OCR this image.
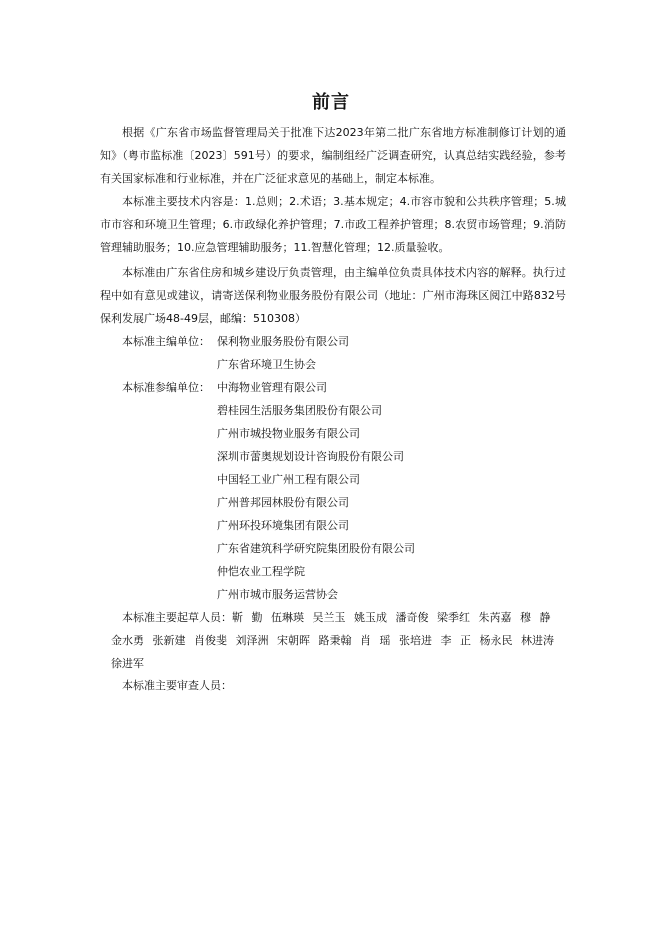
前言
根据《广东省市场监督管理局关于批准下达2023年第二批广东省地方标准制修订计划的通知》（粤市监标准〔2023〕591号）的要求，编制组经广泛调查研究，认真总结实践经验，参考有关国家标准和行业标准，并在广泛征求意见的基础上，制定本标准。
本标准主要技术内容是：1.总则；2.术语；3.基本规定；4.市容市貌和公共秩序管理；5.城市市容和环境卫生管理；6.市政绿化养护管理；7.市政工程养护管理；8.农贸市场管理；9.消防管理辅助服务；10.应急管理辅助服务；11.智慧化管理；12.质量验收。
本标准由广东省住房和城乡建设厅负责管理，由主编单位负责具体技术内容的解释。执行过程中如有意见或建议，请寄送保利物业服务股份有限公司（地址：广州市海珠区阅江中路832号保利发展广场48-49层，邮编：510308）
本标准主编单位： 保利物业服务股份有限公司
广东省环境卫生协会
本标准参编单位： 中海物业管理有限公司
碧桂园生活服务集团股份有限公司
广州市城投物业服务有限公司
深圳市蕾奥规划设计咨询股份有限公司
中国轻工业广州工程有限公司
广州普邦园林股份有限公司
广州环投环境集团有限公司
广东省建筑科学研究院集团股份有限公司
仲恺农业工程学院
广州市城市服务运营协会
本标准主要起草人员：靳 勤 伍琳瑛 吴兰玉 姚玉成 潘奇俊 梁季红 朱芮嘉 穆 静 金水勇 张新建 肖俊斐 刘泽洲 宋朝晖 路秉翰 肖 瑶 张培进 李 正 杨永民 林进涛 徐进军
本标准主要审查人员：
